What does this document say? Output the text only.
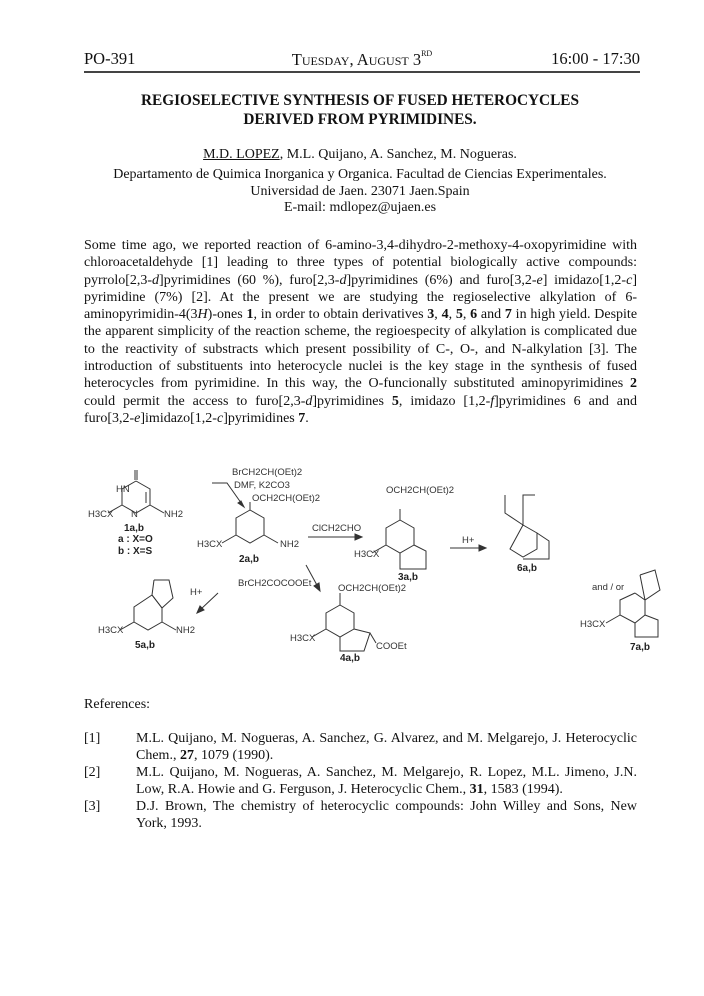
PO-391	Tuesday, August 3RD	16:00 - 17:30
REGIOSELECTIVE SYNTHESIS OF FUSED HETEROCYCLES
DERIVED FROM PYRIMIDINES.
M.D. LOPEZ, M.L. Quijano, A. Sanchez, M. Nogueras.
Departamento de Quimica Inorganica y Organica. Facultad de Ciencias Experimentales.
Universidad de Jaen. 23071 Jaen.Spain
E-mail: mdlopez@ujaen.es
Some time ago, we reported reaction of 6-amino-3,4-dihydro-2-methoxy-4-oxopyrimidine with chloroacetaldehyde [1] leading to three types of potential biologically active compounds: pyrrolo[2,3-d]pyrimidines (60 %), furo[2,3-d]pyrimidines (6%) and furo[3,2-e] imidazo[1,2-c] pyrimidine (7%) [2]. At the present we are studying the regioselective alkylation of 6-aminopyrimidin-4(3H)-ones 1, in order to obtain derivatives 3, 4, 5, 6 and 7 in high yield. Despite the apparent simplicity of the reaction scheme, the regioespecity of alkylation is complicated due to the reactivity of substracts which present possibility of C-, O-, and N-alkylation [3]. The introduction of substituents into heterocycle nuclei is the key stage in the synthesis of fused heterocycles from pyrimidine. In this way, the O-funcionally substituted aminopyrimidines 2 could permit the access to furo[2,3-d]pyrimidines 5, imidazo [1,2-f]pyrimidines 6 and and furo[3,2-e]imidazo[1,2-c]pyrimidines 7.
HN
N
H3CX	NH2
1a,b
a : X=O
b : X=S
BrCH2CH(OEt)2
DMF, K2CO3
OCH2CH(OEt)2
H3CX	NH2
2a,b
ClCH2CHO
OCH2CH(OEt)2
H3CX
3a,b
H+
6a,b
and / or
H3CX
7a,b
BrCH2COCOOEt	OCH2CH(OEt)2
H3CX
COOEt
4a,b
H+
H3CX	NH2
5a,b
References:
[1]	M.L. Quijano, M. Nogueras, A. Sanchez, G. Alvarez, and M. Melgarejo, J. Heterocyclic Chem., 27, 1079 (1990).
[2]	M.L. Quijano, M. Nogueras, A. Sanchez, M. Melgarejo, R. Lopez, M.L. Jimeno, J.N. Low, R.A. Howie and G. Ferguson, J. Heterocyclic Chem., 31, 1583 (1994).
[3]	D.J. Brown, The chemistry of heterocyclic compounds: John Willey and Sons, New York, 1993.
